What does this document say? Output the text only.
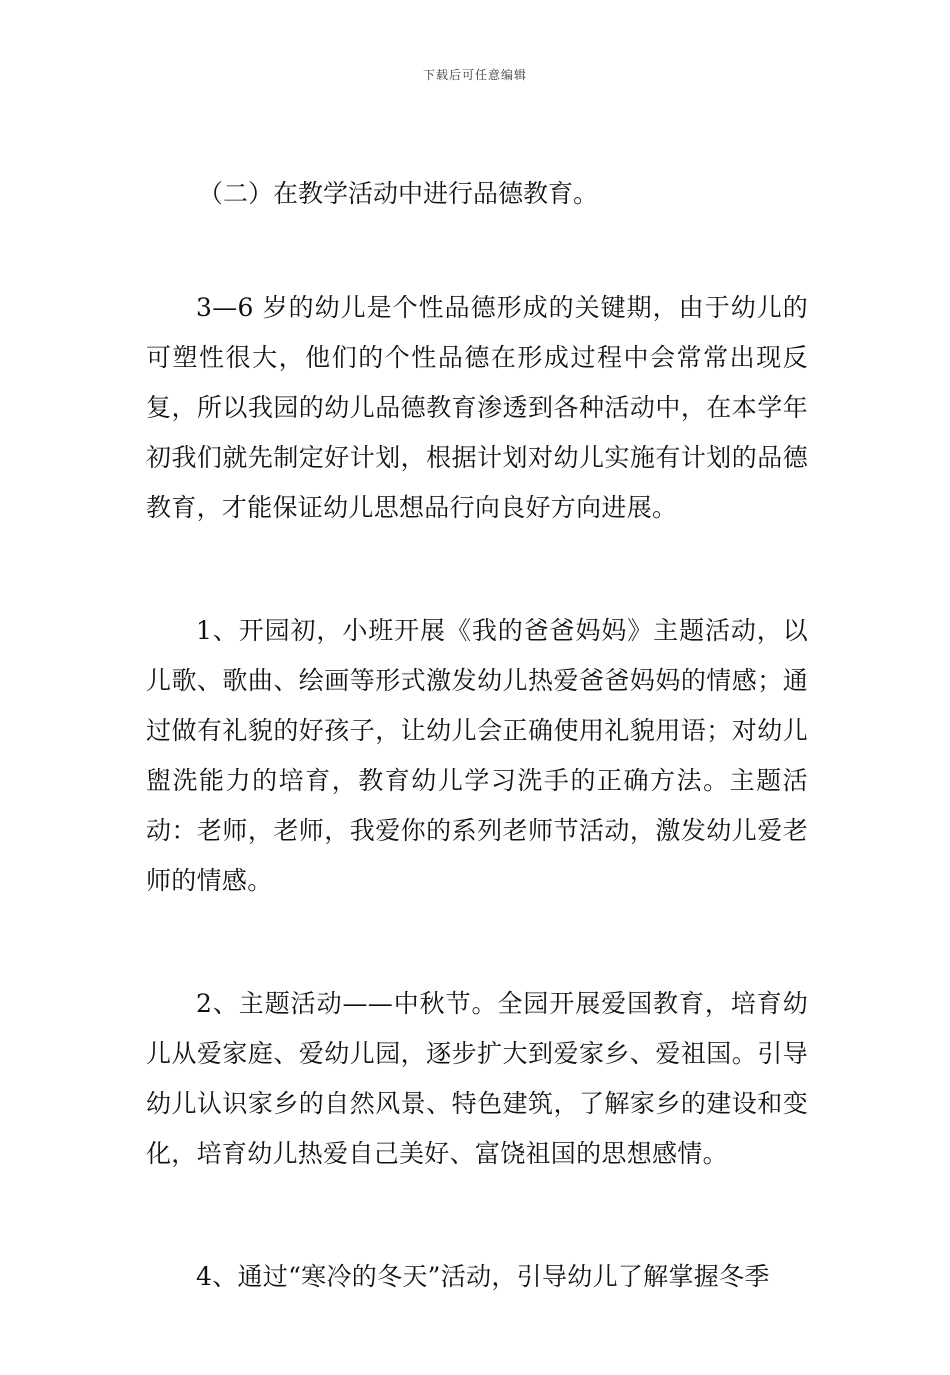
下载后可任意编辑
（二）在教学活动中进行品德教育。

3—6 岁的幼儿是个性品德形成的关键期，由于幼儿的可塑性很大，他们的个性品德在形成过程中会常常出现反复，所以我园的幼儿品德教育渗透到各种活动中，在本学年初我们就先制定好计划，根据计划对幼儿实施有计划的品德教育，才能保证幼儿思想品行向良好方向进展。

1、开园初，小班开展《我的爸爸妈妈》主题活动，以儿歌、歌曲、绘画等形式激发幼儿热爱爸爸妈妈的情感；通过做有礼貌的好孩子，让幼儿会正确使用礼貌用语；对幼儿盥洗能力的培育，教育幼儿学习洗手的正确方法。主题活动：老师，老师，我爱你的系列老师节活动，激发幼儿爱老师的情感。

2、主题活动——中秋节。全园开展爱国教育，培育幼儿从爱家庭、爱幼儿园，逐步扩大到爱家乡、爱祖国。引导幼儿认识家乡的自然风景、特色建筑，了解家乡的建设和变化，培育幼儿热爱自己美好、富饶祖国的思想感情。

4、通过“寒冷的冬天”活动，引导幼儿了解掌握冬季
